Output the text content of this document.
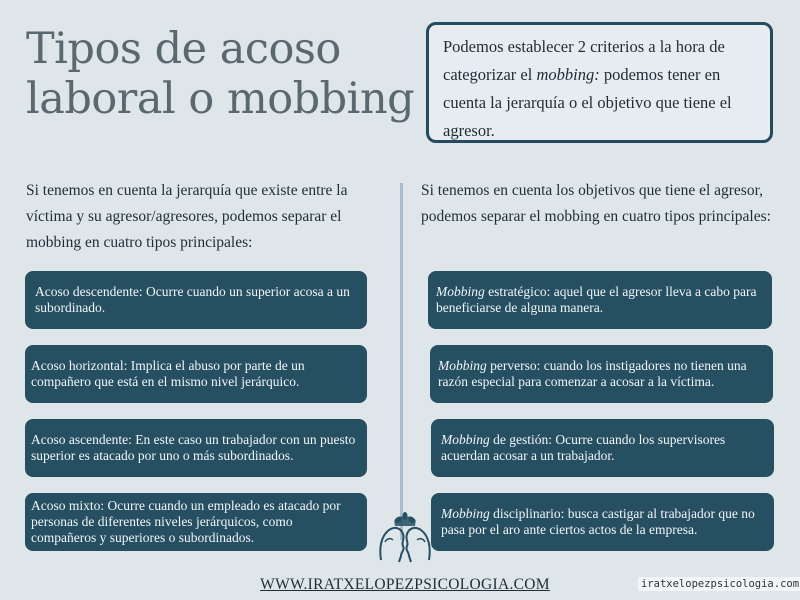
Tipos de acoso laboral o mobbing
Podemos establecer 2 criterios a la hora de categorizar el mobbing: podemos tener en cuenta la jerarquía o el objetivo que tiene el agresor.

Si tenemos en cuenta la jerarquía que existe entre la víctima y su agresor/agresores, podemos separar el mobbing en cuatro tipos principales:

Si tenemos en cuenta los objetivos que tiene el agresor, podemos separar el mobbing en cuatro tipos principales:

Acoso descendente: Ocurre cuando un superior acosa a un subordinado.
Acoso horizontal: Implica el abuso por parte de un compañero que está en el mismo nivel jerárquico.
Acoso ascendente: En este caso un trabajador con un puesto superior es atacado por uno o más subordinados.
Acoso mixto: Ocurre cuando un empleado es atacado por personas de diferentes niveles jerárquicos, como compañeros y superiores o subordinados.
Mobbing estratégico: aquel que el agresor lleva a cabo para beneficiarse de alguna manera.
Mobbing perverso: cuando los instigadores no tienen una razón especial para comenzar a acosar a la víctima.
Mobbing de gestión: Ocurre cuando los supervisores acuerdan acosar a un trabajador.
Mobbing disciplinario: busca castigar al trabajador que no pasa por el aro ante ciertos actos de la empresa.
WWW.IRATXELOPEZPSICOLOGIA.COM	iratxelopezpsicologia.com
